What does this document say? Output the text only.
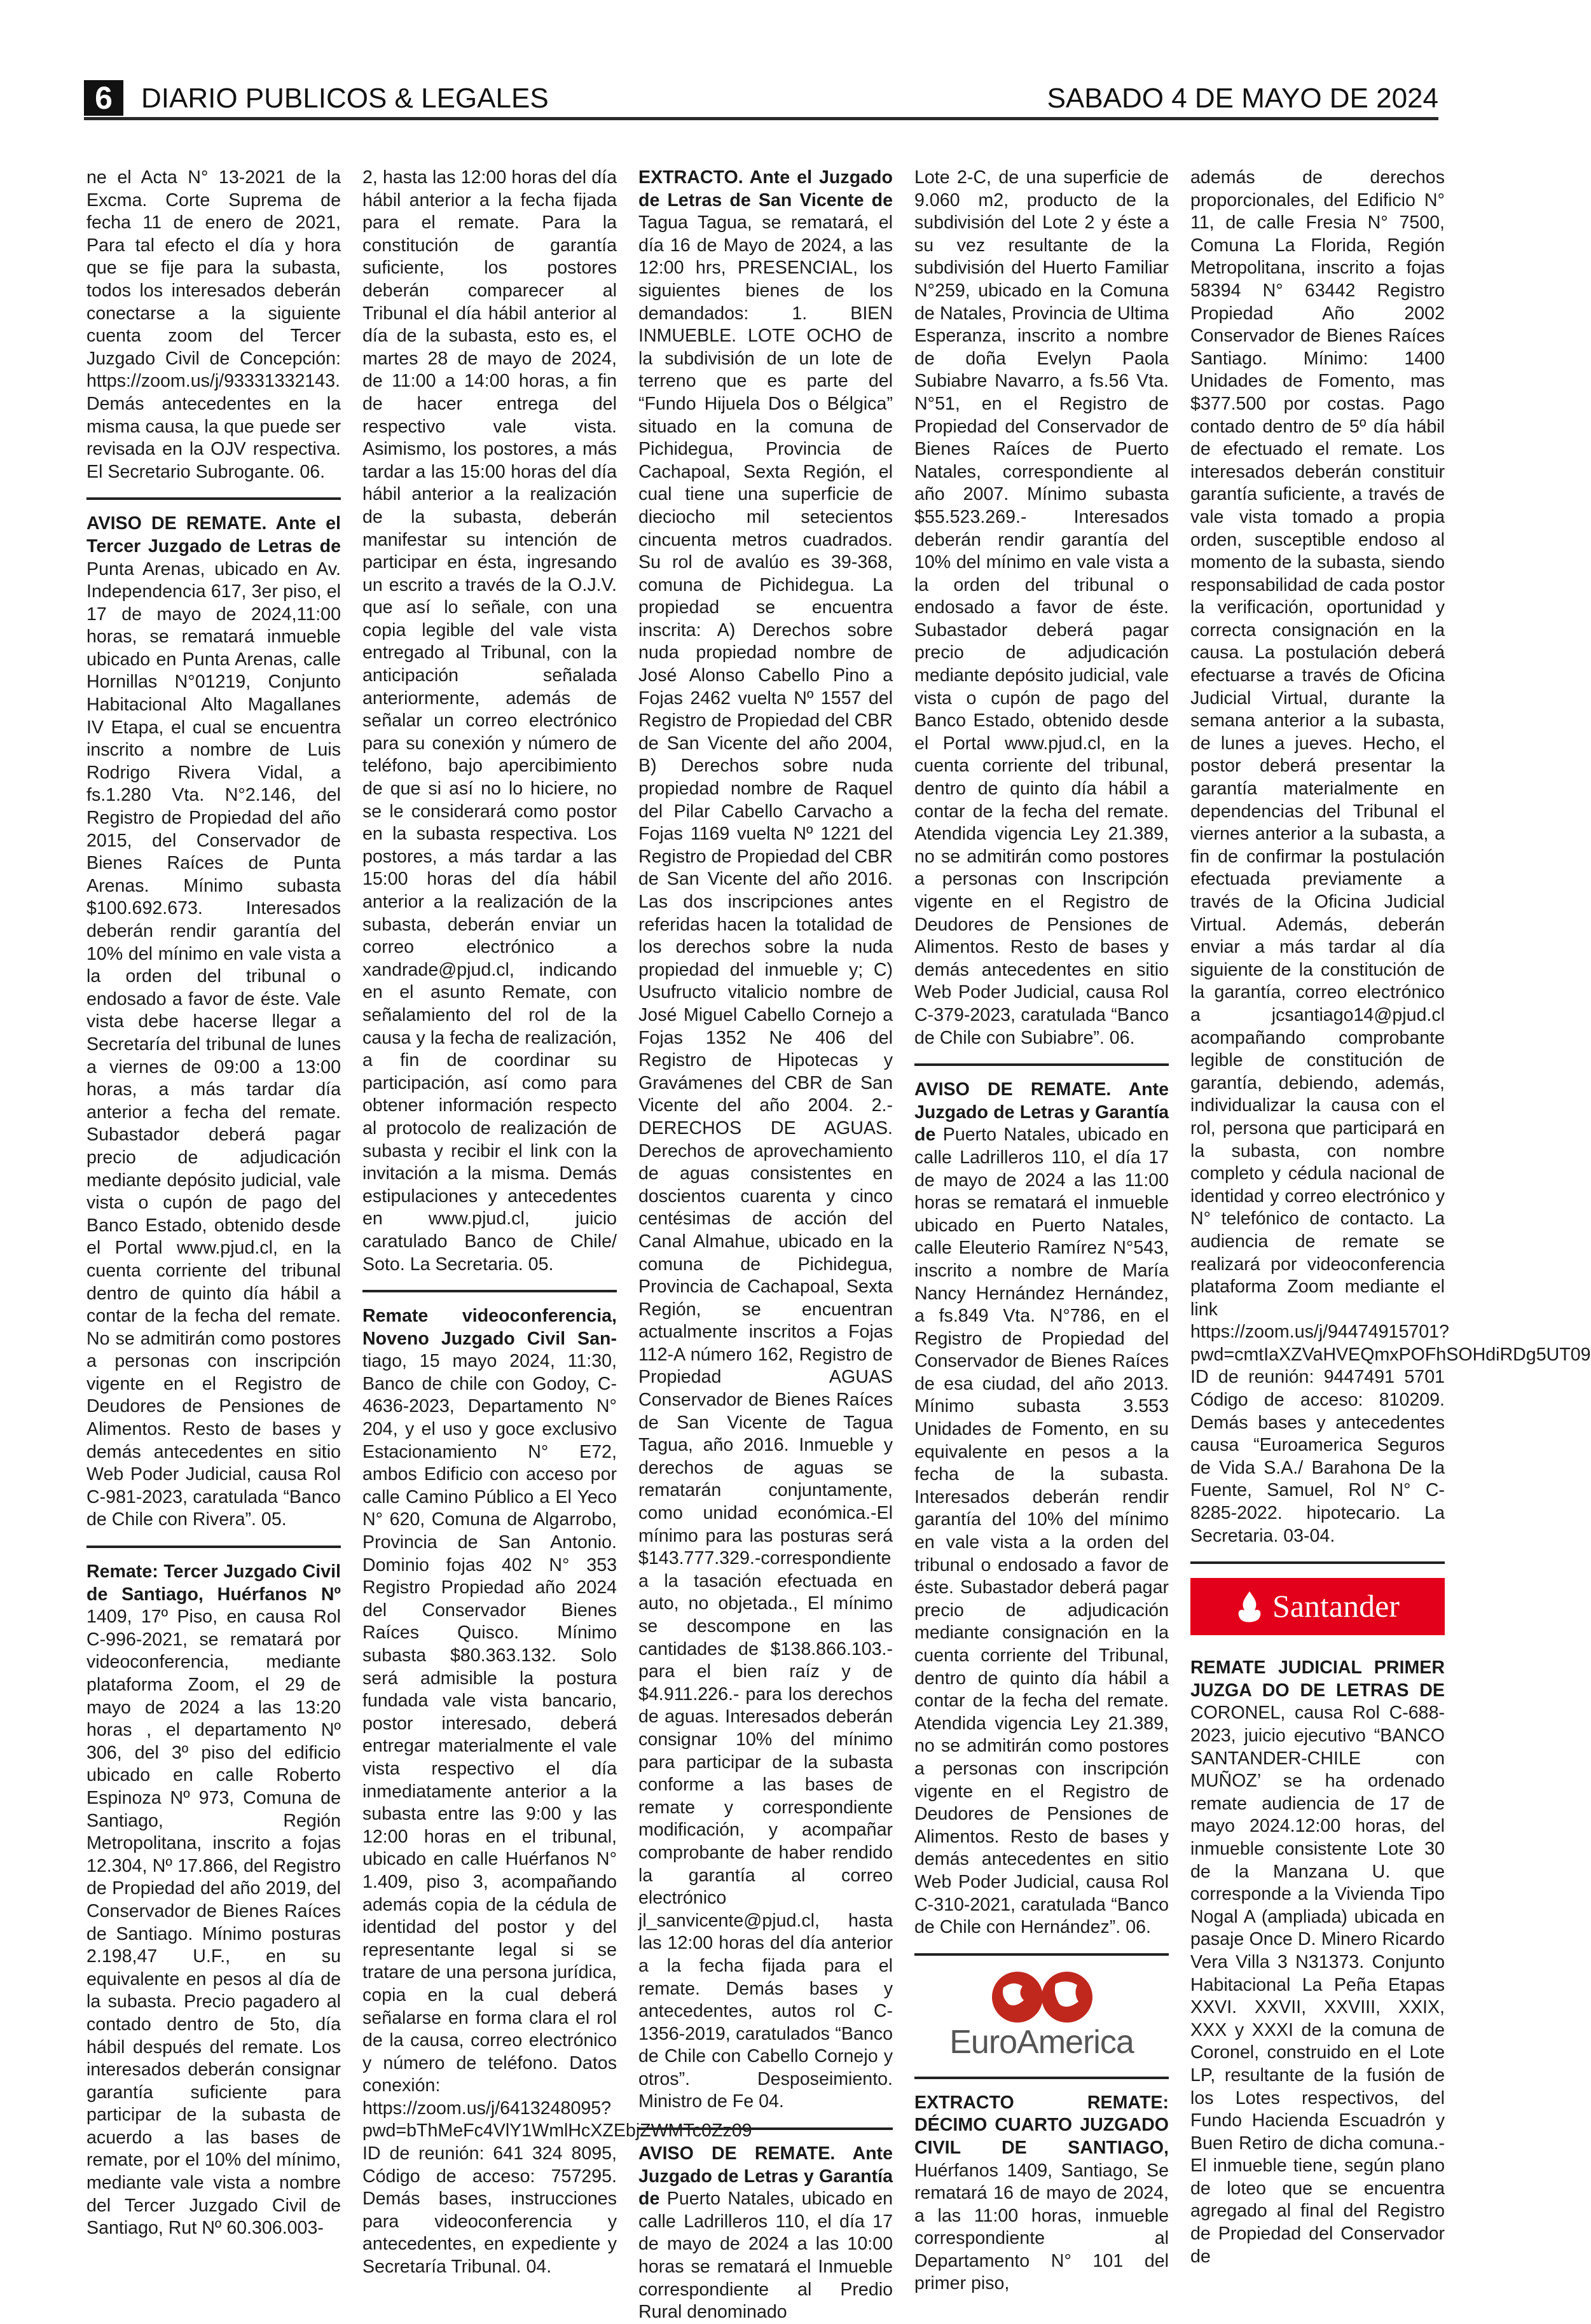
6	DIARIO PUBLICOS & LEGALES	SABADO 4 DE MAYO DE 2024

ne el Acta N° 13-2021 de la Excma. Corte Suprema de fecha 11 de enero de 2021, Para tal efecto el día y hora que se fije para la subasta, todos los interesados deberán conectarse a la siguiente cuenta zoom del Tercer Juzgado Civil de Concepción: https://zoom.us/j/93331332143. Demás antecedentes en la misma causa, la que puede ser revisada en la OJV respectiva. El Secretario Subrogante. 06.

AVISO DE REMATE. Ante el Tercer Juzgado de Letras de Punta Arenas, ubicado en Av. Independencia 617, 3er piso, el 17 de mayo de 2024,11:00 horas, se rematará inmueble ubicado en Punta Arenas, calle Hornillas N°01219, Conjunto Habitacional Alto Magallanes IV Etapa, el cual se encuentra inscrito a nombre de Luis Rodrigo Rivera Vidal, a fs.1.280 Vta. N°2.146, del Registro de Propiedad del año 2015, del Conservador de Bienes Raíces de Punta Arenas. Mínimo subasta $100.692.673. Interesados deberán rendir garantía del 10% del mínimo en vale vista a la orden del tribunal o endosado a favor de éste. Vale vista debe hacerse llegar a Secretaría del tribunal de lunes a viernes de 09:00 a 13:00 horas, a más tardar día anterior a fecha del remate. Subastador deberá pagar precio de adjudicación mediante depósito judicial, vale vista o cupón de pago del Banco Estado, obtenido desde el Portal www.pjud.cl, en la cuenta corriente del tribunal dentro de quinto día hábil a contar de la fecha del remate. No se admitirán como postores a personas con inscripción vigente en el Registro de Deudores de Pensiones de Alimentos. Resto de bases y demás antecedentes en sitio Web Poder Judicial, causa Rol C-981-2023, caratulada “Banco de Chile con Rivera”. 05.

Remate: Tercer Juzgado Civil de Santiago, Huérfanos Nº 1409, 17º Piso, en causa Rol C-996-2021, se rematará por videoconferencia, mediante plataforma Zoom, el 29 de mayo de 2024 a las 13:20 horas , el departamento Nº 306, del 3º piso del edificio ubicado en calle Roberto Espinoza Nº 973, Comuna de Santiago, Región Metropolitana, inscrito a fojas 12.304, Nº 17.866, del Registro de Propiedad del año 2019, del Conservador de Bienes Raíces de Santiago. Mínimo posturas 2.198,47 U.F., en su equivalente en pesos al día de la subasta. Precio pagadero al contado dentro de 5to, día hábil después del remate. Los interesados deberán consignar garantía suficiente para participar de la subasta de acuerdo a las bases de remate, por el 10% del mínimo, mediante vale vista a nombre del Tercer Juzgado Civil de Santiago, Rut Nº 60.306.003-

2, hasta las 12:00 horas del día hábil anterior a la fecha fijada para el remate. Para la constitución de garantía suficiente, los postores deberán comparecer al Tribunal el día hábil anterior al día de la subasta, esto es, el martes 28 de mayo de 2024, de 11:00 a 14:00 horas, a fin de hacer entrega del respectivo vale vista. Asimismo, los postores, a más tardar a las 15:00 horas del día hábil anterior a la realización de la subasta, deberán manifestar su intención de participar en ésta, ingresando un escrito a través de la O.J.V. que así lo señale, con una copia legible del vale vista entregado al Tribunal, con la anticipación señalada anteriormente, además de señalar un correo electrónico para su conexión y número de teléfono, bajo apercibimiento de que si así no lo hiciere, no se le considerará como postor en la subasta respectiva. Los postores, a más tardar a las 15:00 horas del día hábil anterior a la realización de la subasta, deberán enviar un correo electrónico a xandrade@pjud.cl, indicando en el asunto Remate, con señalamiento del rol de la causa y la fecha de realización, a fin de coordinar su participación, así como para obtener información respecto al protocolo de realización de subasta y recibir el link con la invitación a la misma. Demás estipulaciones y antecedentes en www.pjud.cl, juicio caratulado Banco de Chile/ Soto. La Secretaria. 05.

Remate videoconferencia, Noveno Juzgado Civil San-tiago, 15 mayo 2024, 11:30, Banco de chile con Godoy, C-4636-2023, Departamento N° 204, y el uso y goce exclusivo Estacionamiento N° E72, ambos Edificio con acceso por calle Camino Público a El Yeco N° 620, Comuna de Algarrobo, Provincia de San Antonio. Dominio fojas 402 N° 353 Registro Propiedad año 2024 del Conservador Bienes Raíces Quisco. Mínimo subasta $80.363.132. Solo será admisible la postura fundada vale vista bancario, postor interesado, deberá entregar materialmente el vale vista respectivo el día inmediatamente anterior a la subasta entre las 9:00 y las 12:00 horas en el tribunal, ubicado en calle Huérfanos N° 1.409, piso 3, acompañando además copia de la cédula de identidad del postor y del representante legal si se tratare de una persona jurídica, copia en la cual deberá señalarse en forma clara el rol de la causa, correo electrónico y número de teléfono. Datos conexión: https://zoom.us/j/6413248095?pwd=bThMeFc4VlY1WmlHcXZEbjZWMTc0Zz09 ID de reunión: 641 324 8095, Código de acceso: 757295. Demás bases, instrucciones para videoconferencia y antecedentes, en expediente y Secretaría Tribunal. 04.

EXTRACTO. Ante el Juzgado de Letras de San Vicente de Tagua Tagua, se rematará, el día 16 de Mayo de 2024, a las 12:00 hrs, PRESENCIAL, los siguientes bienes de los demandados: 1. BIEN INMUEBLE. LOTE OCHO de la subdivisión de un lote de terreno que es parte del “Fundo Hijuela Dos o Bélgica” situado en la comuna de Pichidegua, Provincia de Cachapoal, Sexta Región, el cual tiene una superficie de dieciocho mil setecientos cincuenta metros cuadrados. Su rol de avalúo es 39-368, comuna de Pichidegua. La propiedad se encuentra inscrita: A) Derechos sobre nuda propiedad nombre de José Alonso Cabello Pino a Fojas 2462 vuelta Nº 1557 del Registro de Propiedad del CBR de San Vicente del año 2004, B) Derechos sobre nuda propiedad nombre de Raquel del Pilar Cabello Carvacho a Fojas 1169 vuelta Nº 1221 del Registro de Propiedad del CBR de San Vicente del año 2016. Las dos inscripciones antes referidas hacen la totalidad de los derechos sobre la nuda propiedad del inmueble y; C) Usufructo vitalicio nombre de José Miguel Cabello Cornejo a Fojas 1352 Ne 406 del Registro de Hipotecas y Gravámenes del CBR de San Vicente del año 2004. 2.- DERECHOS DE AGUAS. Derechos de aprovechamiento de aguas consistentes en doscientos cuarenta y cinco centésimas de acción del Canal Almahue, ubicado en la comuna de Pichidegua, Provincia de Cachapoal, Sexta Región, se encuentran actualmente inscritos a Fojas 112-A número 162, Registro de Propiedad AGUAS Conservador de Bienes Raíces de San Vicente de Tagua Tagua, año 2016. Inmueble y derechos de aguas se rematarán conjuntamente, como unidad económica.-El mínimo para las posturas será $143.777.329.-correspondiente a la tasación efectuada en auto, no objetada., El mínimo se descompone en las cantidades de $138.866.103.- para el bien raíz y de $4.911.226.- para los derechos de aguas. Interesados deberán consignar 10% del mínimo para participar de la subasta conforme a las bases de remate y correspondiente modificación, y acompañar comprobante de haber rendido la garantía al correo electrónico jl_sanvicente@pjud.cl, hasta las 12:00 horas del día anterior a la fecha fijada para el remate. Demás bases y antecedentes, autos rol C-1356-2019, caratulados “Banco de Chile con Cabello Cornejo y otros”. Desposeimiento. Ministro de Fe 04.

AVISO DE REMATE. Ante Juzgado de Letras y Garantía de Puerto Natales, ubicado en calle Ladrilleros 110, el día 17 de mayo de 2024 a las 10:00 horas se rematará el Inmueble correspondiente al Predio Rural denominado

Lote 2-C, de una superficie de 9.060 m2, producto de la subdivisión del Lote 2 y éste a su vez resultante de la subdivisión del Huerto Familiar N°259, ubicado en la Comuna de Natales, Provincia de Ultima Esperanza, inscrito a nombre de doña Evelyn Paola Subiabre Navarro, a fs.56 Vta. N°51, en el Registro de Propiedad del Conservador de Bienes Raíces de Puerto Natales, correspondiente al año 2007. Mínimo subasta $55.523.269.- Interesados deberán rendir garantía del 10% del mínimo en vale vista a la orden del tribunal o endosado a favor de éste. Subastador deberá pagar precio de adjudicación mediante depósito judicial, vale vista o cupón de pago del Banco Estado, obtenido desde el Portal www.pjud.cl, en la cuenta corriente del tribunal, dentro de quinto día hábil a contar de la fecha del remate. Atendida vigencia Ley 21.389, no se admitirán como postores a personas con Inscripción vigente en el Registro de Deudores de Pensiones de Alimentos. Resto de bases y demás antecedentes en sitio Web Poder Judicial, causa Rol C-379-2023, caratulada “Banco de Chile con Subiabre”. 06.

AVISO DE REMATE. Ante Juzgado de Letras y Garantía de Puerto Natales, ubicado en calle Ladrilleros 110, el día 17 de mayo de 2024 a las 11:00 horas se rematará el inmueble ubicado en Puerto Natales, calle Eleuterio Ramírez N°543, inscrito a nombre de María Nancy Hernández Hernández, a fs.849 Vta. N°786, en el Registro de Propiedad del Conservador de Bienes Raíces de esa ciudad, del año 2013. Mínimo subasta 3.553 Unidades de Fomento, en su equivalente en pesos a la fecha de la subasta. Interesados deberán rendir garantía del 10% del mínimo en vale vista a la orden del tribunal o endosado a favor de éste. Subastador deberá pagar precio de adjudicación mediante consignación en la cuenta corriente del Tribunal, dentro de quinto día hábil a contar de la fecha del remate. Atendida vigencia Ley 21.389, no se admitirán como postores a personas con inscripción vigente en el Registro de Deudores de Pensiones de Alimentos. Resto de bases y demás antecedentes en sitio Web Poder Judicial, causa Rol C-310-2021, caratulada “Banco de Chile con Hernández”. 06.

EuroAmerica

EXTRACTO REMATE: DÉCIMO CUARTO JUZGADO CIVIL DE SANTIAGO, Huérfanos 1409, Santiago, Se rematará 16 de mayo de 2024, a las 11:00 horas, inmueble correspondiente al Departamento N° 101 del primer piso,

además de derechos proporcionales, del Edificio N° 11, de calle Fresia N° 7500, Comuna La Florida, Región Metropolitana, inscrito a fojas 58394 N° 63442 Registro Propiedad Año 2002 Conservador de Bienes Raíces Santiago. Mínimo: 1400 Unidades de Fomento, mas $377.500 por costas. Pago contado dentro de 5º día hábil de efectuado el remate. Los interesados deberán constituir garantía suficiente, a través de vale vista tomado a propia orden, susceptible endoso al momento de la subasta, siendo responsabilidad de cada postor la verificación, oportunidad y correcta consignación en la causa. La postulación deberá efectuarse a través de Oficina Judicial Virtual, durante la semana anterior a la subasta, de lunes a jueves. Hecho, el postor deberá presentar la garantía materialmente en dependencias del Tribunal el viernes anterior a la subasta, a fin de confirmar la postulación efectuada previamente a través de la Oficina Judicial Virtual. Además, deberán enviar a más tardar al día siguiente de la constitución de la garantía, correo electrónico a jcsantiago14@pjud.cl acompañando comprobante legible de constitución de garantía, debiendo, además, individualizar la causa con el rol, persona que participará en la subasta, con nombre completo y cédula nacional de identidad y correo electrónico y N° telefónico de contacto. La audiencia de remate se realizará por videoconferencia plataforma Zoom mediante el link https://zoom.us/j/94474915701? pwd=cmtIaXZVaHVEQmxPOFhSOHdiRDg5UT09 ID de reunión: 9447491 5701 Código de acceso: 810209. Demás bases y antecedentes causa “Euroamerica Seguros de Vida S.A./ Barahona De la Fuente, Samuel, Rol N° C-8285-2022. hipotecario. La Secretaria. 03-04.

Santander

REMATE JUDICIAL PRIMER JUZGA DO DE LETRAS DE CORONEL, causa Rol C-688-2023, juicio ejecutivo “BANCO SANTANDER-CHILE con MUÑOZ’ se ha ordenado remate audiencia de 17 de mayo 2024.12:00 horas, del inmueble consistente Lote 30 de la Manzana U. que corresponde a la Vivienda Tipo Nogal A (ampliada) ubicada en pasaje Once D. Minero Ricardo Vera Villa 3 N31373. Conjunto Habitacional La Peña Etapas XXVI. XXVII, XXVIII, XXIX, XXX y XXXI de la comuna de Coronel, construido en el Lote LP, resultante de la fusión de los Lotes respectivos, del Fundo Hacienda Escuadrón y Buen Retiro de dicha comuna.- El inmueble tiene, según plano de loteo que se encuentra agregado al final del Registro de Propiedad del Conservador de
